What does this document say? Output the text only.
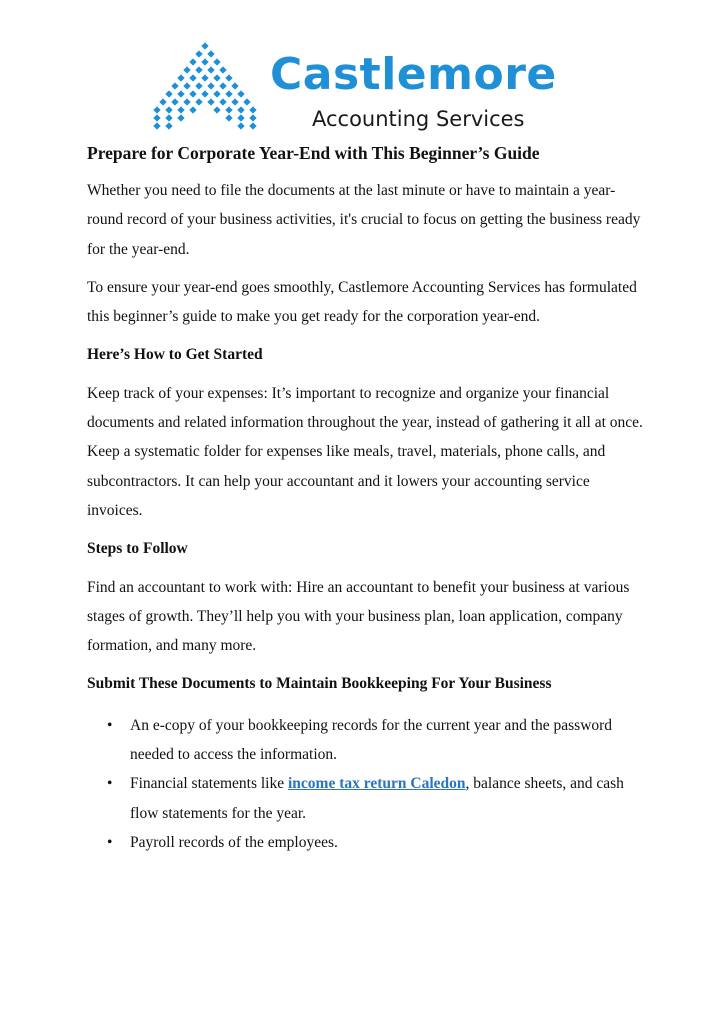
Castlemore
Accounting Services
Prepare for Corporate Year-End with This Beginner’s Guide

Whether you need to file the documents at the last minute or have to maintain a year-round record of your business activities, it's crucial to focus on getting the business ready for the year-end.

To ensure your year-end goes smoothly, Castlemore Accounting Services has formulated this beginner’s guide to make you get ready for the corporation year-end.

Here’s How to Get Started

Keep track of your expenses: It’s important to recognize and organize your financial documents and related information throughout the year, instead of gathering it all at once. Keep a systematic folder for expenses like meals, travel, materials, phone calls, and subcontractors. It can help your accountant and it lowers your accounting service invoices.

Steps to Follow

Find an accountant to work with: Hire an accountant to benefit your business at various stages of growth. They’ll help you with your business plan, loan application, company formation, and many more.

Submit These Documents to Maintain Bookkeeping For Your Business

• An e-copy of your bookkeeping records for the current year and the password needed to access the information.
• Financial statements like income tax return Caledon, balance sheets, and cash flow statements for the year.
• Payroll records of the employees.
